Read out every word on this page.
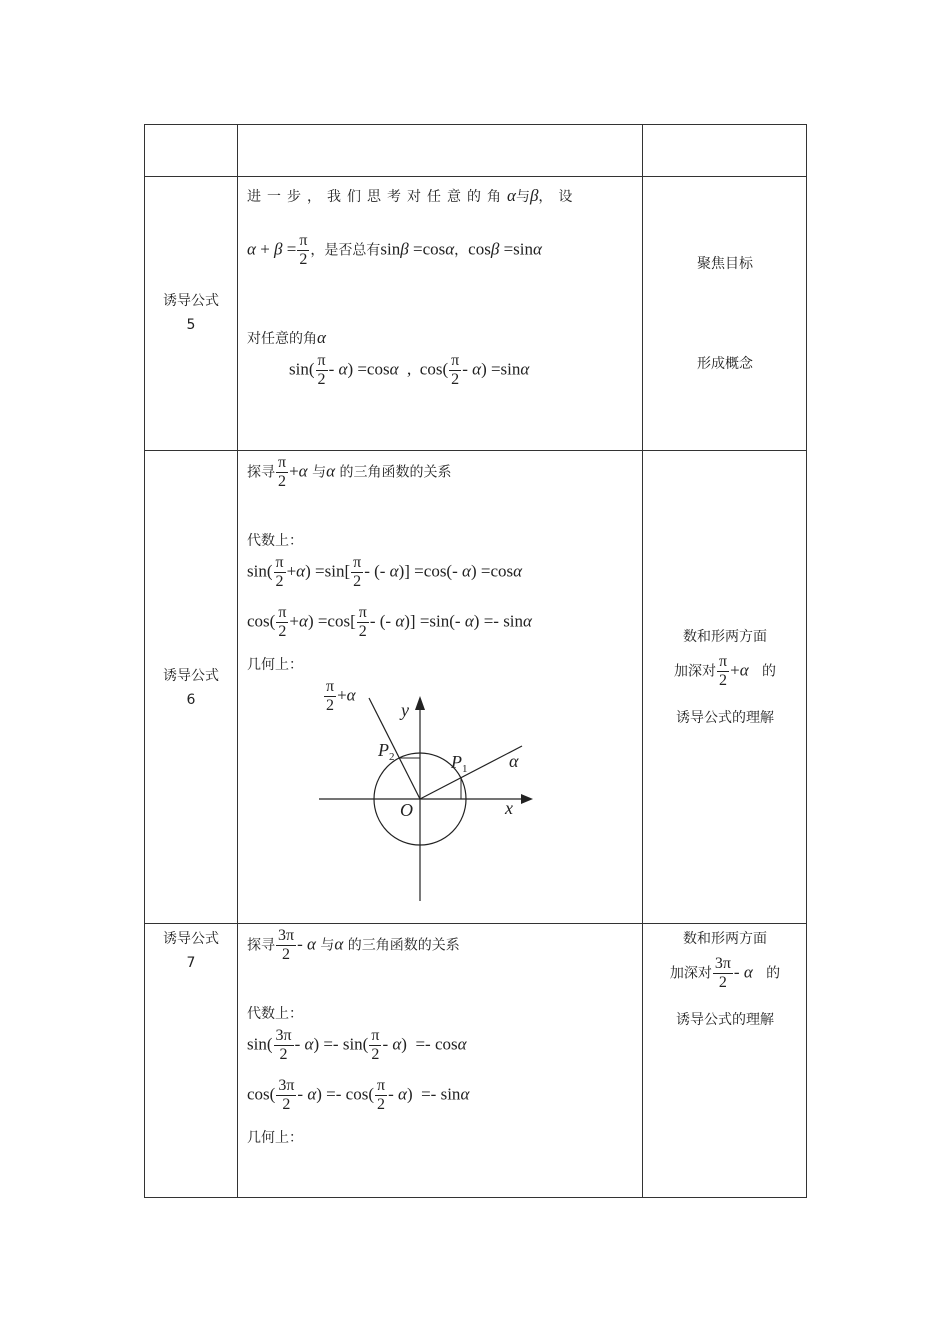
诱导公式
5
进一步，我们思考对任意的角α与β，设
$\alpha + \beta = \frac{\pi}{2}$ ，是否总有sinβ =cosα，cosβ =sinα
对任意的角α
$\sin( \frac{\pi}{2} - \alpha) =\cos\alpha$  ,  $\cos( \frac{\pi}{2} - \alpha) =\sin\alpha$
聚焦目标
形成概念
诱导公式
6
探寻 $\frac{\pi}{2} +\alpha$ 与α 的三角函数的关系
代数上：
$\sin( \frac{\pi}{2} +\alpha) =\sin[ \frac{\pi}{2}$ - (- α)] =cos(- α) =cosα
$\cos( \frac{\pi}{2} +\alpha) =\cos[ \frac{\pi}{2}$ - (- α)] =sin(- α) =- sinα
几何上：
y
x
O
P 1
P 2	α
$\frac{\pi}{2} +\alpha$
数和形两方面
加深对 $\frac{\pi}{2} +\alpha$ 的
诱导公式的理解
诱导公式
7
探寻 $\frac{3\pi}{2}$ - α 与α 的三角函数的关系
代数上：
$\sin( \frac{3\pi}{2} - \alpha) =- \sin( \frac{\pi}{2} - \alpha) =- \cos\alpha$
$\cos( \frac{3\pi}{2} - \alpha) =- \cos( \frac{\pi}{2} - \alpha) =- \sin\alpha$
几何上：
数和形两方面
加深对 $\frac{3\pi}{2}$ - α 的
诱导公式的理解
